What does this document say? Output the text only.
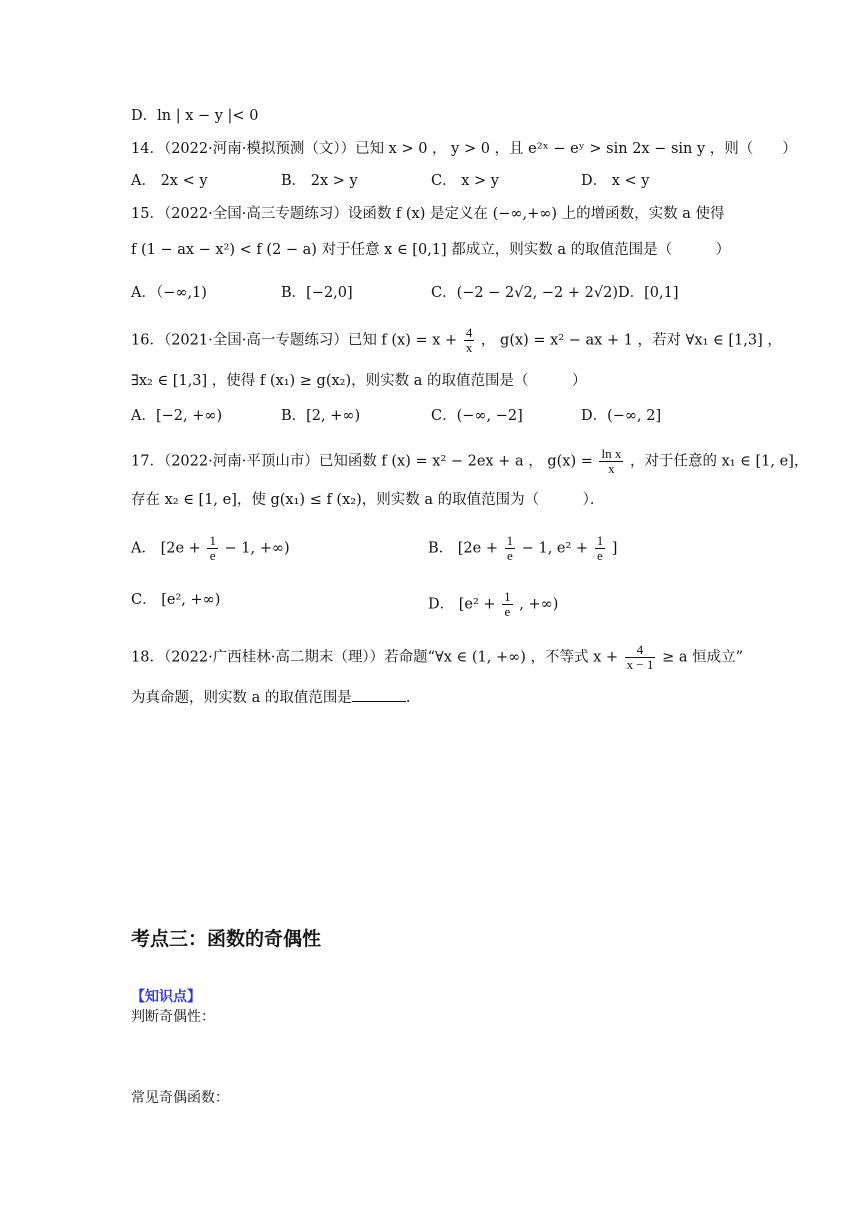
D．ln | x − y |< 0
14．（2022·河南·模拟预测（文））已知 x > 0 ， y > 0 ，且 e²ˣ − eʸ > sin 2x − sin y ，则（　　）
A． 2x < y	B． 2x > y	C． x > y	D． x < y
15．（2022·全国·高三专题练习）设函数 f (x) 是定义在 (−∞,+∞) 上的增函数，实数 a 使得
f (1 − ax − x²) < f (2 − a) 对于任意 x ∈ [0,1] 都成立，则实数 a 的取值范围是（　　　）
A．（−∞,1)	B．[−2,0]	C．(−2 − 2√2, −2 + 2√2) D．[0,1]
16．（2021·全国·高一专题练习）已知 f $(x) = x + \frac{4}{x}$ ， g(x) = x² − ax + 1 ，若对 ∀x₁ ∈ [1,3] ，
∃x₂ ∈ [1,3] ，使得 f (x₁) ≥ g(x₂)，则实数 a 的取值范围是（　　　）
A．[−2, +∞)	B．[2, +∞)	C．(−∞, −2]	D．(−∞, 2]
17．（2022·河南·平顶山市）已知函数 f (x) = x² − 2ex + a ， $g(x) = \frac{\text{ln x}}{x}$ ，对于任意的 x₁ ∈ [1, e]，
存在 x₂ ∈ [1, e]，使 g(x₁) ≤ f (x₂)，则实数 a 的取值范围为（　　　）．
A． [$2e + \frac{1}{e} - 1$, +∞)	B． [$2e + \frac{1}{e} - 1$, $e^2 + \frac{1}{e}$ ]
C． [e², +∞)	D． [$e^2 + \frac{1}{e}$ , +∞)
18．（2022·广西桂林·高二期末（理））若命题“∀x ∈ (1, +∞) ，不等式 $x + \frac{4}{x - 1} \ge a$ 恒成立”
为真命题，则实数 a 的取值范围是	.
考点三：函数的奇偶性
【知识点】
判断奇偶性：
常见奇偶函数：
